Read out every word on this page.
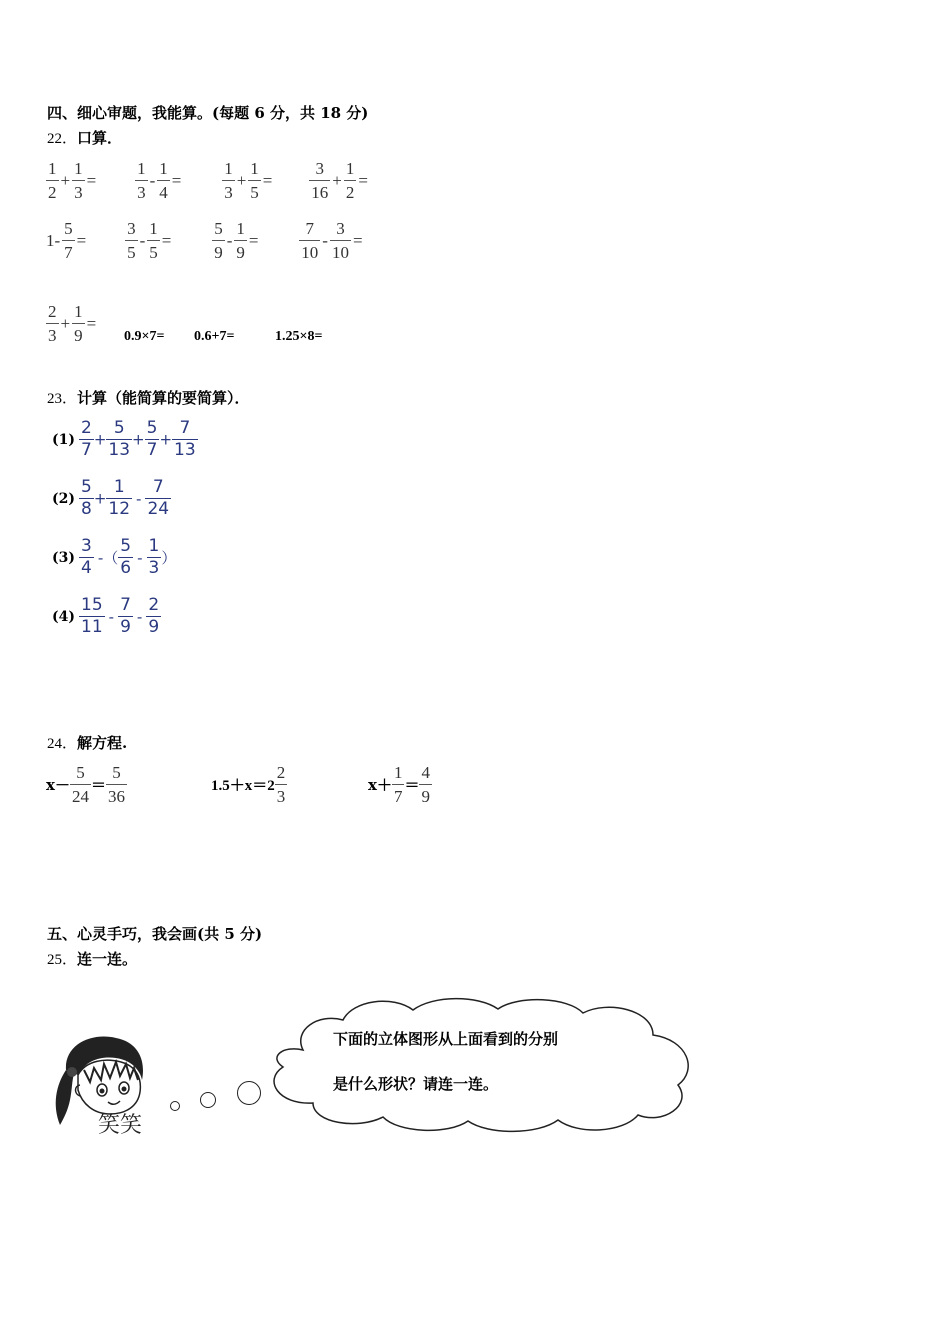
四、细心审题，我能算。(每题 6 分，共 18 分)
22．口算．
$\frac{1}{2} + \frac{1}{3} = \frac{1}{3} - \frac{1}{4} = \frac{1}{3} + \frac{1}{5} = \frac{3}{16} + \frac{1}{2}$ =
$1- \frac{5}{7} = \frac{3}{5} - \frac{1}{5} = \frac{5}{9} - \frac{1}{9} = \frac{7}{10} - \frac{3}{10}$ =
$\frac{2}{3} + \frac{1}{9}$ =
0.9×7= 0.6+7=	1.25×8=
23．计算（能简算的要简算）．
$(1) \frac{2}{7} + \frac{5}{13} + \frac{5}{7} + \frac{7}{13}$
$(2) \frac{5}{8} + \frac{1}{12} - \frac{7}{24}$
$(3) \frac{3}{4}$ -（ $\frac{5}{6} - \frac{1}{3}$ ）
$(4) \frac{15}{11} - \frac{7}{9} - \frac{2}{9}$
24．解方程.
$x- \frac{5}{24} = \frac{5}{36}$	$1.5+x=2 \frac{2}{3}$	$x+ \frac{1}{7} = \frac{4}{9}$
五、心灵手巧，我会画(共 5 分)
25．连一连。
笑笑
下面的立体图形从上面看到的分别
是什么形状？请连一连。
